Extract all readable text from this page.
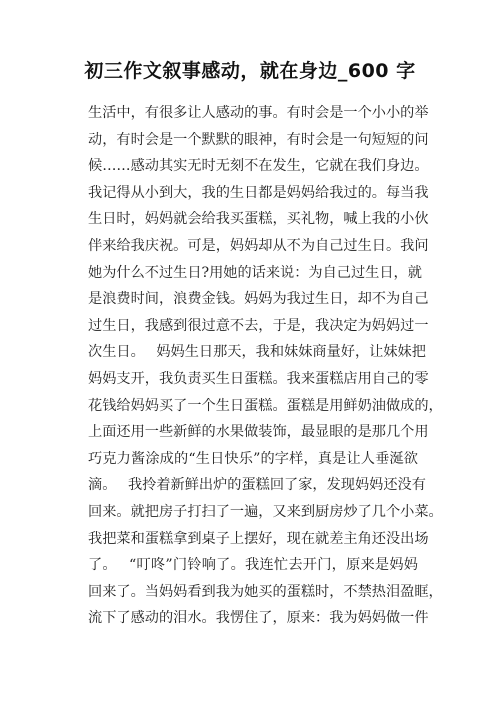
初三作文叙事感动，就在身边_600 字
生活中，有很多让人感动的事。有时会是一个小小的举
动，有时会是一个默默的眼神，有时会是一句短短的问
候……感动其实无时无刻不在发生，它就在我们身边。
我记得从小到大，我的生日都是妈妈给我过的。每当我
生日时，妈妈就会给我买蛋糕，买礼物，喊上我的小伙
伴来给我庆祝。可是，妈妈却从不为自己过生日。我问
她为什么不过生日?用她的话来说：为自己过生日，就
是浪费时间，浪费金钱。妈妈为我过生日，却不为自己
过生日，我感到很过意不去，于是，我决定为妈妈过一
次生日。　 妈妈生日那天，我和妹妹商量好，让妹妹把
妈妈支开，我负责买生日蛋糕。我来蛋糕店用自己的零
花钱给妈妈买了一个生日蛋糕。蛋糕是用鲜奶油做成的，
上面还用一些新鲜的水果做装饰，最显眼的是那几个用
巧克力酱涂成的“生日快乐”的字样，真是让人垂涎欲
滴。　 我拎着新鲜出炉的蛋糕回了家，发现妈妈还没有
回来。就把房子打扫了一遍，又来到厨房炒了几个小菜。
我把菜和蛋糕拿到桌子上摆好，现在就差主角还没出场
了。　 “叮咚”门铃响了。我连忙去开门，原来是妈妈
回来了。当妈妈看到我为她买的蛋糕时，不禁热泪盈眶，
流下了感动的泪水。我愣住了，原来：我为妈妈做一件
